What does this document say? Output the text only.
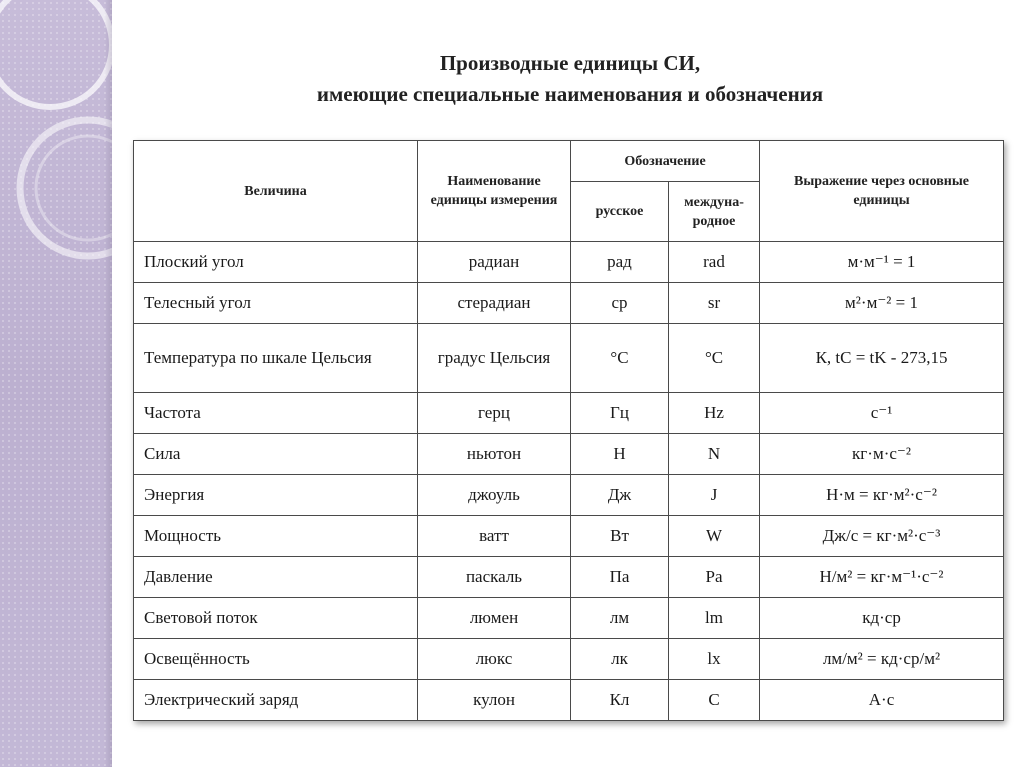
Производные единицы СИ,
имеющие специальные наименования и обозначения
Величина	Наименование единицы измерения	Обозначение		Выражение через основные единицы
		русское	междуна-родное	
Плоский угол	радиан	рад	rad	м·м⁻¹ = 1
Телесный угол	стерадиан	ср	sr	м²·м⁻² = 1
Температура по шкале Цельсия	градус Цельсия	°С	°С	К, tC = tK - 273,15
Частота	герц	Гц	Hz	с⁻¹
Сила	ньютон	Н	N	кг·м·с⁻²
Энергия	джоуль	Дж	J	Н·м = кг·м²·с⁻²
Мощность	ватт	Вт	W	Дж/с = кг·м²·с⁻³
Давление	паскаль	Па	Pa	Н/м² = кг·м⁻¹·с⁻²
Световой поток	люмен	лм	lm	кд·ср
Освещённость	люкс	лк	lx	лм/м² = кд·ср/м²
Электрический заряд	кулон	Кл	C	А·с
